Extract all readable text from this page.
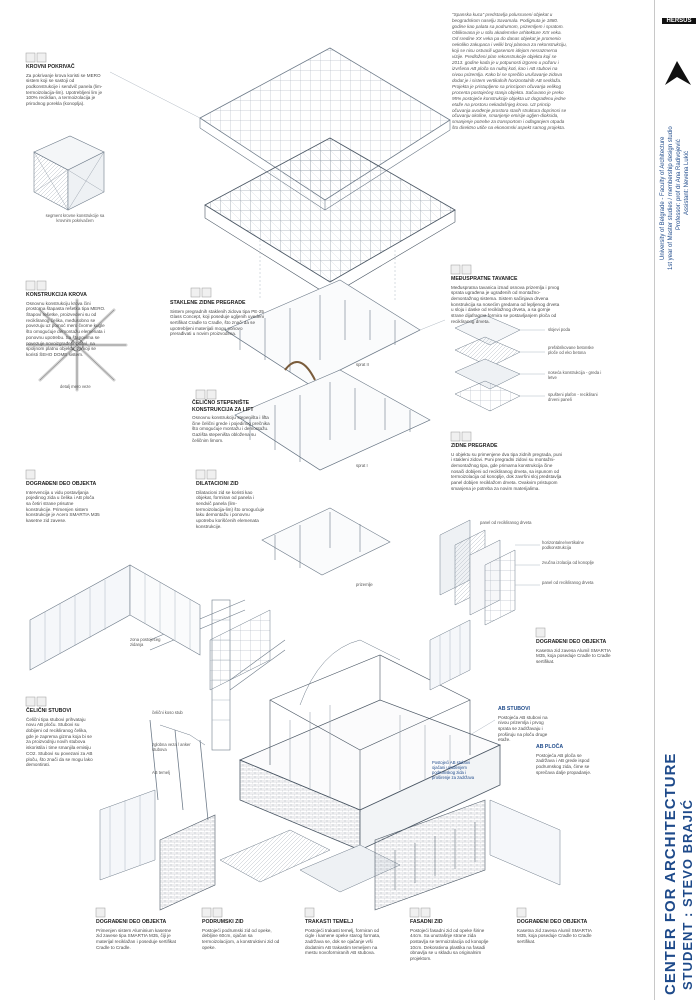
"Spanska kuca" predstavlja polusruseni objekat u beogradskom naselju Savamala. Podignuta je 1880. godine kao palata sa podrumom, prizemljem i spratom. Oblikovana je u stilu akademske arhitekture XIX veka. Od sredine XX veka pa do danas objekat je promenio nekoliko zakupaca i veliki broj planova za rekonstrukciju, koji se nisu ostvarili ugasenom idejom nesrazmerna vizije. Predloženi plan rekonstrukcije objekta koji se 2013. godine kada je u potpunosti izgoreo u požaru i izvršena AB ploča na nultoj koti, kao i AB stubovi na nivou prizemlja. Kako bi se sprečilo urušavanje zidova dodat je i sistem vertikalnih horizontalnih AB serklaža. Projekta je pristupljeno sa principom očuvanja velikog procenta postojećeg stanja objekta. Sačuvano je preko 95% postojeće konstrukcije objekta uz dograđenu jedne etaže na prostoru nekadašnjeg krova. Uz princip očuvanja uvođenje prostora starih struktura doprinosi se očuvanju okoline, smanjenje emisije ugljen-dioksida, smanjenje potrebe za transportom i odlaganjem otpada što direktno utiče na ekonomski aspekt samog projekta.
KROVNI POKRIVAČ
Za pokrivanje krova koristi se MERO sistem koji se sastoji od podkonstrukcije i sendvič panela (lim-termoizolacija-lim). Upotrebljeni lim je 100% reciklian, a termoizolacija je prirodnog porekla (konoplja).
segment krovne konstrukcije sa krovnim pokrivačem
KONSTRUKCIJA KROVA
Osnovnu konstrukciju krova čini prostorna štapasta rešetka tipa MERO. Štapovi rešetke, proizvedeni su od recikliranog čelika, međusobno se povezuju uz pomoć mero čvorne kugle što omogućuje demontažu elemenata i ponovnu upotrebu. Sa štapovima se povezuje novoizgrađeni zidovi, na spoljnom platnu objekta, za koji se koristi ŠEHO DOME sistem.
detalj mero vezе
ČELIČNO STEPENIŠTE KONSTRUKCIJA ZA LIFT
Osnovnu konstrukciju stepeništa i lifta čine čelični grede i pojedinog prečnika što omogućuje montažu i demontažu. Gazišta stepeništa obložena su čeličnim limom.
DOGRAĐENI DEO OBJEKTA
Intervencija u vidu postavljanja pojedinog zida u čelika i AB ploča sa četiri strane prisutne konstrukcije. Primenjen sistem konstrukcije je Acero SMARTIA M35 kasetne zid zavese.
DILATACIONI ZID
Dilatacioni zid se koristi kao objekat, formiran od panela i sendvič panela (lim-termoizolacija-lim) što omogućuje laku demontažu i ponovnu upotrebu korišćenih elemenata konstrukcije.
zona postojećeg zidanja
ČELIČNI STUBOVI
Čelični tipa stubovi prihvataju novu AB ploču. Stubovi su dobijeni od recikliranog čelika, gde je zaprema gizma koja bi se za proizvodnju novih stubova iskoristila i time smanjila emisiju CO2. Stubovi su povezani za AB ploču, što znači da se mogu lako demontirati.
čelični koso stub
zglobna veza / anker stubova
AB temelj
STAKLENE ZIDNE PREGRADE
Sistem pregradnih staklenih zidova tipa PE-25 Glass Concept, koji poseduje ugljenih uvedeni sertifikat Cradle to Cradle, što znači da se upotrebljeni materijali mogu ponovo prerađivati u novim proizvodima.
sprat II
sprat I
prizemlje
MEĐUSPRATNE TAVANICE
Međuspratna tavanica iznad osnova prizemlja i prvog sprata ugrađena je ugrađenih od montažno-demontažnog sistema. Sistem sačinjava drvena konstrukcija sa nosećim gredama od lepljenog drveta u sloju i daske od reciklažnog drveta, a sa gornje strane dijafragma formira se postavljanjem ploča od recikliranog drveta.
slojevi poda
prefabrikovane betonske ploče od eko betona
noseća konstrukcija - greda i letve
spušteni plafon - reciklirani drveni paneli
ZIDNE PREGRADE
U objektu su primenjene dva tipa zidnih pregrada, puni i stakleni zidovi. Puni pregradni zidovi su montažni-demontažnog tipa, gde primarna konstrukcija čine nosači dobijeni od recikliranog drveta, sa ispunom od termoizolacija od konoplje, dok završni sloj predstavlja panel dobijen reciklažom drveta. Ovakvim pristupom smanjena je potreba za novim materijalima.
panel od recikliranog drveta
horizontalne/vertikalne podkonstrukcija
zvučna izolacija od konoplje
panel od recikliranog drveta
DOGRAĐENI DEO OBJEKTA
Kasetna zid zavesa Alumil SMARTIA M35, koja poseduje Cradle to Cradle sertifikat.
AB STUBOVI
Postojeća AB stubovi na nivou prizemlja i prvog sprata se zadržavaju i proširuju na ploču druge etaže.
AB PLOČA
Postojeća AB ploča se zadržava i AB grede ispod podrumskog zida, čime se sprečava dalje propadanje.
Postojeći AB stubovi ojačani uvođenjem podrumskog zida i proširenje za zadržava
DOGRAĐENI DEO OBJEKTA
Primenjen sistem Aluminium kasetne zid zavese tipa SMARTIA M35, čiji je materijal reciklažan i poseduje sertifikat Cradle to Cradle.
PODRUMSKI ZID
Postojeći podrumski zid od opeke, debljine 60cm, ojačan sa termoizolacijom, a konstruktivni zid od opeke.
TRAKASTI TEMELJ
Postojeći trakasti temelj, formiran od cigle i kamene opeke starog formata, zadržava se, dok se ojačanje vrši dodatnim AB trakastim temeljem na mestu novoformiranih AB stubova.
FASADNI ZID
Postojeći fasadni zid od opeke širine 44cm. Sa unutrašnje strane zida postavlja se termoizolacija od konoplje 10cm. Dekorativna plastika na fasadi obnavlja se u skladu sa originalnim projektom.
DOGRAĐENI DEO OBJEKTA
Kasetna zid zavesa Alumil SMARTIA M35, koja poseduje Cradle to Cradle sertifikat.
HERSUS
University of Belgrade - Faculty of Architecture 1st year of Master studies / membership design studio Professor: prof dr Ana Radivojević Assistant: Nevena Lukić
CENTER FOR ARCHITECTURE STUDENT : STEVO BRAJIĆ
